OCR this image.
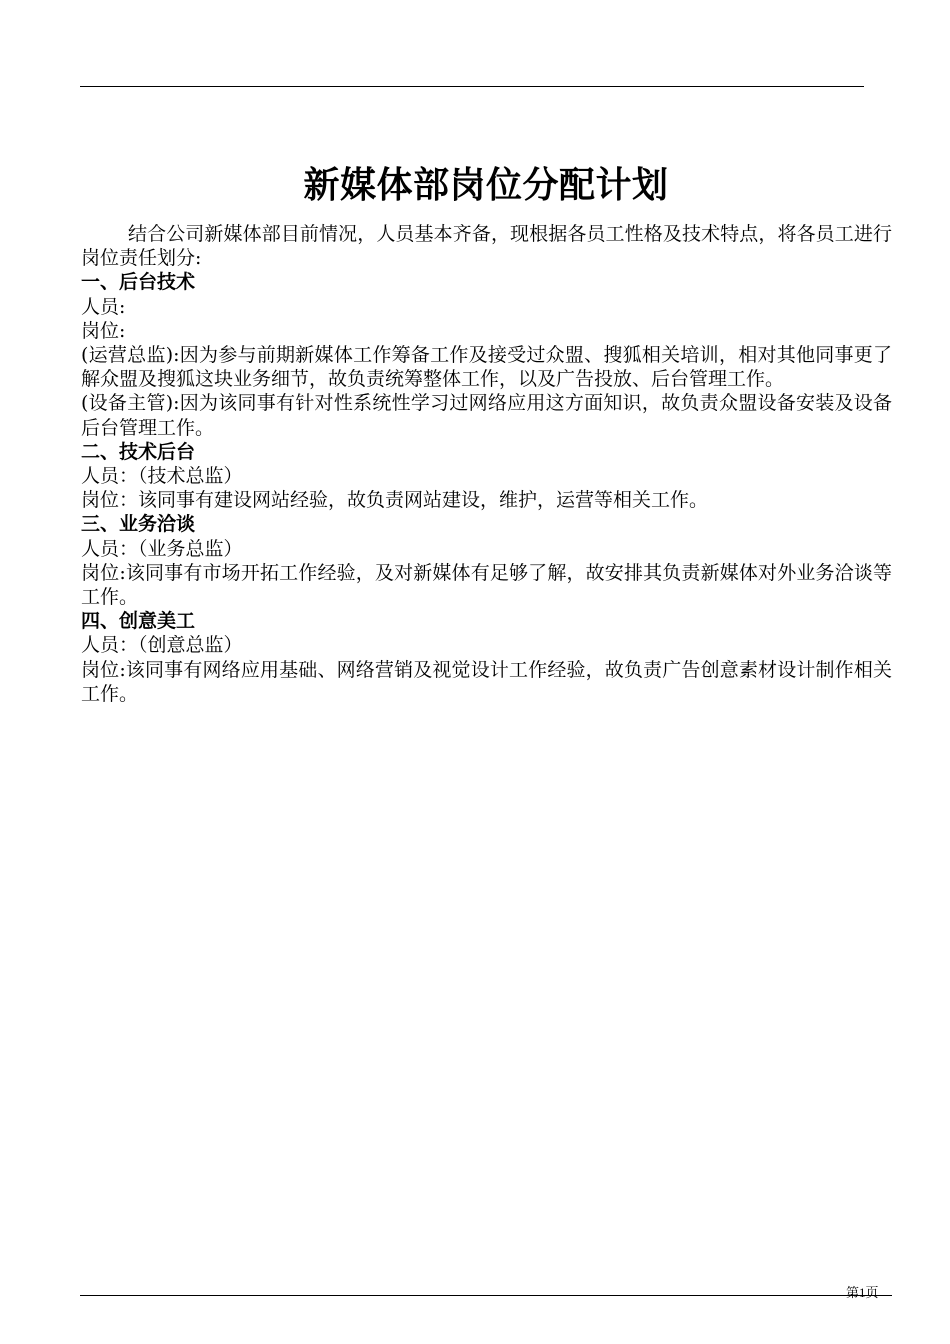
新媒体部岗位分配计划

结合公司新媒体部目前情况，人员基本齐备，现根据各员工性格及技术特点，将各员工进行岗位责任划分:

一、后台技术

人员:

岗位:

(运营总监):因为参与前期新媒体工作筹备工作及接受过众盟、搜狐相关培训，相对其他同事更了解众盟及搜狐这块业务细节，故负责统筹整体工作，以及广告投放、后台管理工作。

(设备主管):因为该同事有针对性系统性学习过网络应用这方面知识，故负责众盟设备安装及设备后台管理工作。

二、技术后台

人员：（技术总监）

岗位：该同事有建设网站经验，故负责网站建设，维护，运营等相关工作。

三、业务洽谈

人员：（业务总监）

岗位:该同事有市场开拓工作经验，及对新媒体有足够了解，故安排其负责新媒体对外业务洽谈等工作。

四、创意美工

人员：（创意总监）

岗位:该同事有网络应用基础、网络营销及视觉设计工作经验，故负责广告创意素材设计制作相关工作。

第1页
